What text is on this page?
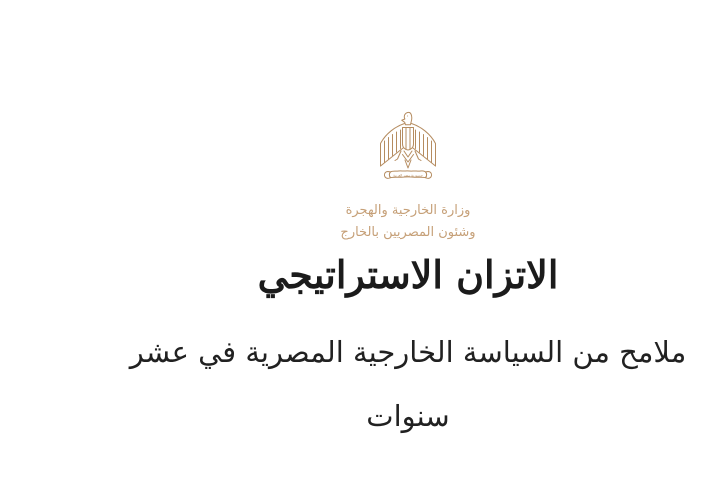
جمهورية مصر العربية
وزارة الخارجية والهجرة
وشئون المصريين بالخارج
الاتزان الاستراتيجي
ملامح من السياسة الخارجية المصرية في عشر سنوات
